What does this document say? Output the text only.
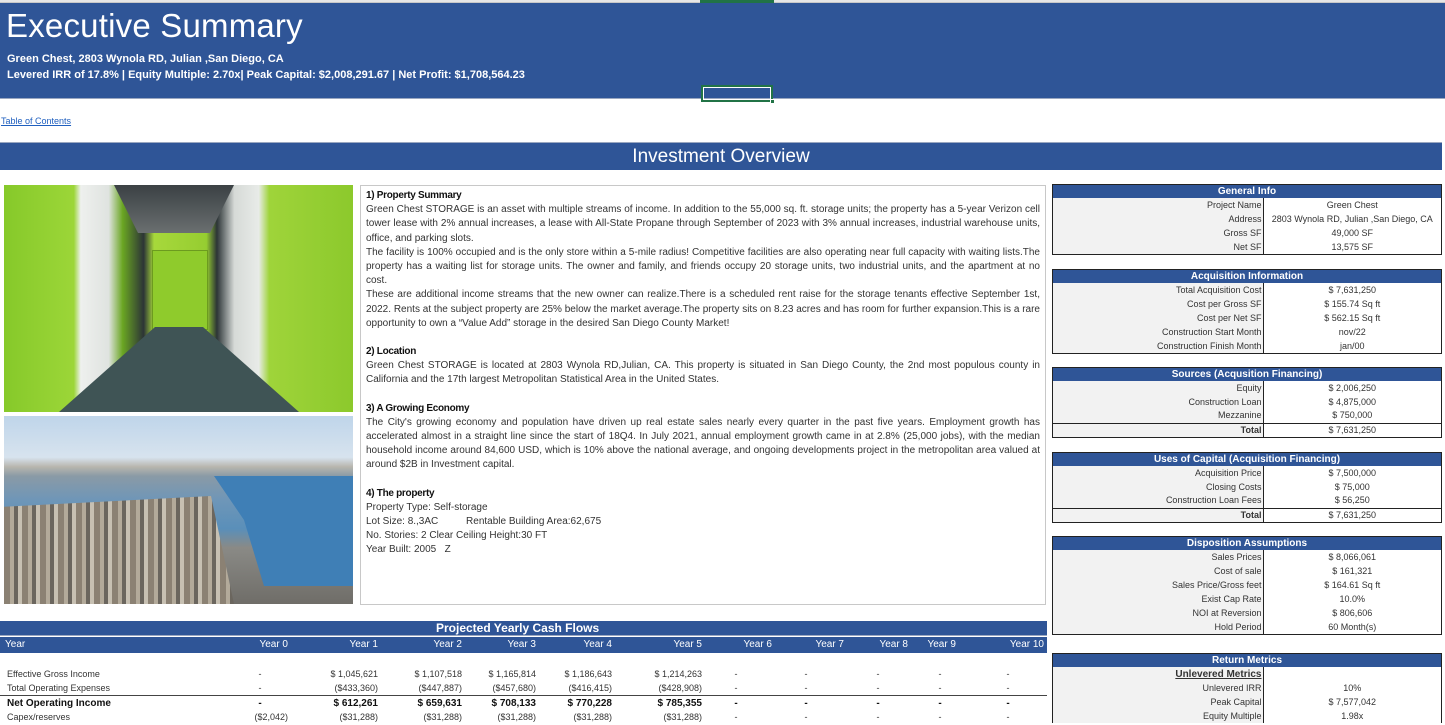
Executive Summary
Green Chest, 2803 Wynola RD, Julian ,San Diego, CA
Levered IRR of 17.8% | Equity Multiple: 2.70x| Peak Capital: $2,008,291.67 | Net Profit: $1,708,564.23
Table of Contents
Investment Overview
1) Property Summary

Green Chest STORAGE is an asset with multiple streams of income. In addition to the 55,000 sq. ft. storage units; the property has a 5-year Verizon cell tower lease with 2% annual increases, a lease with All-State Propane through September of 2023 with 3% annual increases, industrial warehouse units, office, and parking slots.

The facility is 100% occupied and is the only store within a 5-mile radius! Competitive facilities are also operating near full capacity with waiting lists.The property has a waiting list for storage units. The owner and family, and friends occupy 20 storage units, two industrial units, and the apartment at no cost.

These are additional income streams that the new owner can realize.There is a scheduled rent raise for the storage tenants effective September 1st, 2022. Rents at the subject property are 25% below the market average.The property sits on 8.23 acres and has room for further expansion.This is a rare opportunity to own a “Value Add” storage in the desired San Diego County Market!

2) Location

Green Chest STORAGE is located at 2803 Wynola RD,Julian, CA. This property is situated in San Diego County, the 2nd most populous county in California and the 17th largest Metropolitan Statistical Area in the United States.

3) A Growing Economy

The City's growing economy and population have driven up real estate sales nearly every quarter in the past five years. Employment growth has accelerated almost in a straight line since the start of 18Q4. In July 2021, annual employment growth came in at 2.8% (25,000 jobs), with the median household income around 84,600 USD, which is 10% above the national average, and ongoing developments project in the metropolitan area valued at around $2B in Investment capital.

4) The property
Property Type: Self-storage
Lot Size: 8.,3AC          Rentable Building Area:62,675
No. Stories: 2 Clear Ceiling Height:30 FT
Year Built: 2005   Z
General Info
Project Name	Green Chest
Address	2803 Wynola RD, Julian ,San Diego, CA
Gross SF	49,000 SF
Net SF	13,575 SF
Acquisition Information
Total Acquisition Cost	$ 7,631,250
Cost per Gross SF	$ 155.74 Sq ft
Cost per Net SF	$ 562.15 Sq ft
Construction Start Month	nov/22
Construction Finish Month	jan/00
Sources (Acqusition Financing)
Equity	$ 2,006,250
Construction Loan	$ 4,875,000
Mezzanine	$ 750,000
Total	$ 7,631,250
Uses of Capital (Acquisition Financing)
Acquisition Price	$ 7,500,000
Closing Costs	$ 75,000
Construction Loan Fees	$ 56,250
Total	$ 7,631,250
Disposition Assumptions
Sales Prices	$ 8,066,061
Cost of sale	$ 161,321
Sales Price/Gross feet	$ 164.61 Sq ft
Exist Cap Rate	10.0%
NOI at Reversion	$ 806,606
Hold Period	60 Month(s)
Return Metrics
Unlevered Metrics	
Unlevered IRR	10%
Peak Capital	$ 7,577,042
Equity Multiple	1.98x
Projected Yearly Cash Flows
Year	Year 0	Year 1	Year 2	Year 3	Year 4	Year 5	Year 6	Year 7	Year 8	Year 9	Year 10
Effective Gross Income	-	$ 1,045,621	$ 1,107,518	$ 1,165,814	$ 1,186,643	$ 1,214,263	-	-	-	-	-
Total Operating Expenses	-	($433,360)	($447,887)	($457,680)	($416,415)	($428,908)	-	-	-	-	-
Net Operating Income	-	$ 612,261	$ 659,631	$ 708,133	$ 770,228	$ 785,355	-	-	-	-	-
Capex/reserves	($2,042)	($31,288)	($31,288)	($31,288)	($31,288)	($31,288)	-	-	-	-	-
